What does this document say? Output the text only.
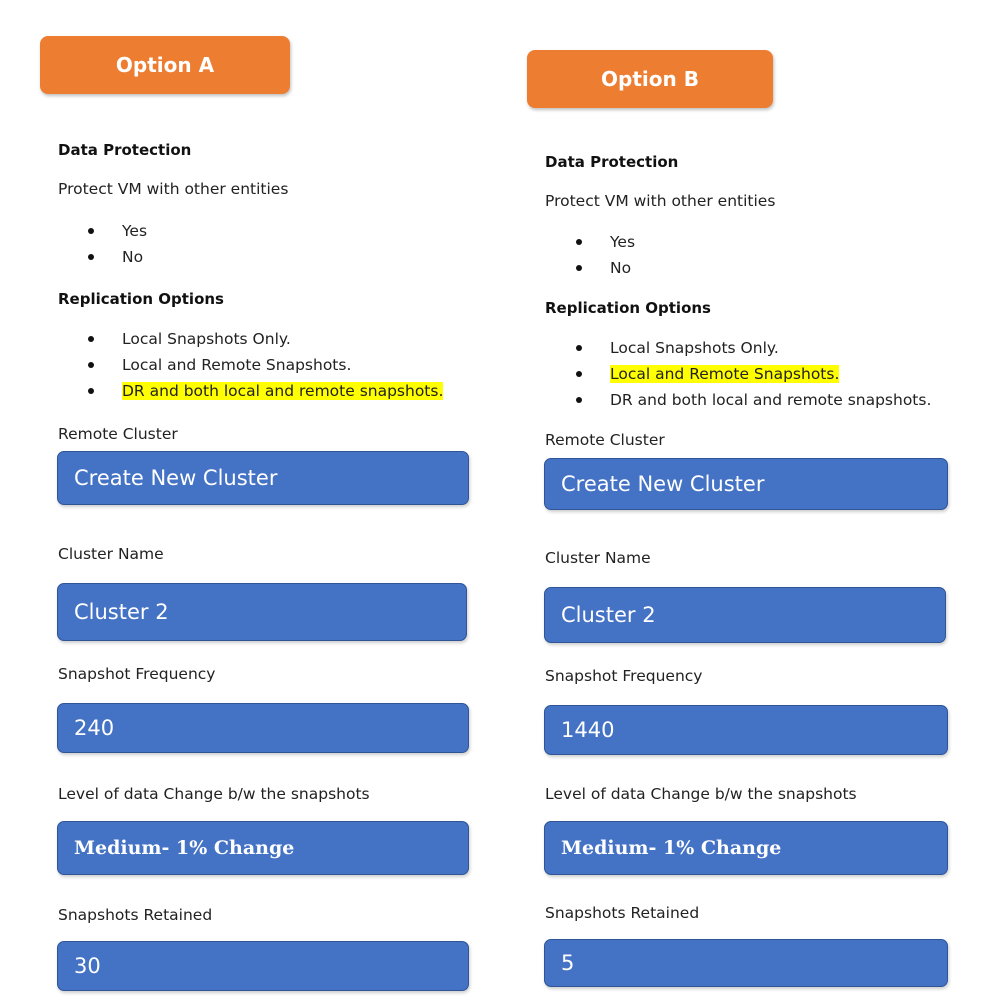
Option A
Data Protection
Protect VM with other entities
Yes
No
Replication Options
Local Snapshots Only.
Local and Remote Snapshots.
DR and both local and remote snapshots.
Remote Cluster
Create New Cluster
Cluster Name
Cluster 2
Snapshot Frequency
240
Level of data Change b/w the snapshots
Medium- 1% Change
Snapshots Retained
30
Option B
Data Protection
Protect VM with other entities
Yes
No
Replication Options
Local Snapshots Only.
Local and Remote Snapshots.
DR and both local and remote snapshots.
Remote Cluster
Create New Cluster
Cluster Name
Cluster 2
Snapshot Frequency
1440
Level of data Change b/w the snapshots
Medium- 1% Change
Snapshots Retained
5
